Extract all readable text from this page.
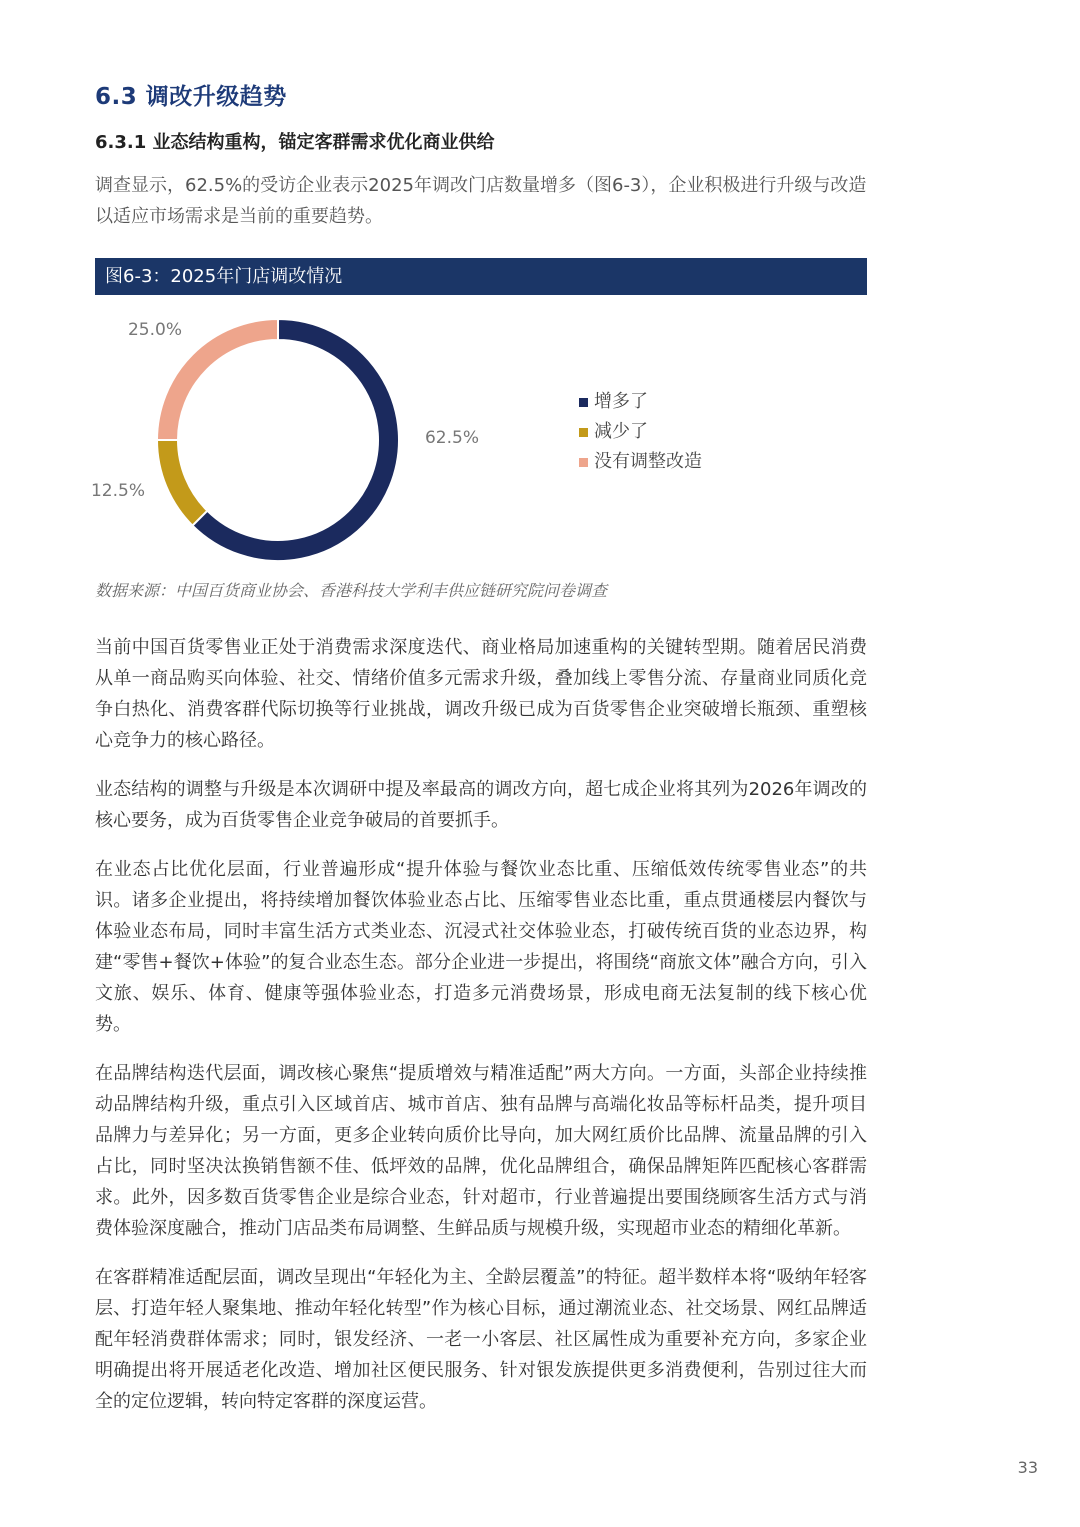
6.3 调改升级趋势
6.3.1 业态结构重构，锚定客群需求优化商业供给

调查显示，62.5%的受访企业表示2025年调改门店数量增多（图6-3），企业积极进行升级与改造以适应市场需求是当前的重要趋势。

图6-3：2025年门店调改情况
62.5%
12.5%
25.0%
增多了
减少了
没有调整改造

数据来源：中国百货商业协会、香港科技大学利丰供应链研究院问卷调查

当前中国百货零售业正处于消费需求深度迭代、商业格局加速重构的关键转型期。随着居民消费从单一商品购买向体验、社交、情绪价值多元需求升级，叠加线上零售分流、存量商业同质化竞争白热化、消费客群代际切换等行业挑战，调改升级已成为百货零售企业突破增长瓶颈、重塑核心竞争力的核心路径。

业态结构的调整与升级是本次调研中提及率最高的调改方向，超七成企业将其列为2026年调改的核心要务，成为百货零售企业竞争破局的首要抓手。

在业态占比优化层面，行业普遍形成“提升体验与餐饮业态比重、压缩低效传统零售业态”的共识。诸多企业提出，将持续增加餐饮体验业态占比、压缩零售业态比重，重点贯通楼层内餐饮与体验业态布局，同时丰富生活方式类业态、沉浸式社交体验业态，打破传统百货的业态边界，构建“零售+餐饮+体验”的复合业态生态。部分企业进一步提出，将围绕“商旅文体”融合方向，引入文旅、娱乐、体育、健康等强体验业态，打造多元消费场景，形成电商无法复制的线下核心优势。

在品牌结构迭代层面，调改核心聚焦“提质增效与精准适配”两大方向。一方面，头部企业持续推动品牌结构升级，重点引入区域首店、城市首店、独有品牌与高端化妆品等标杆品类，提升项目品牌力与差异化；另一方面，更多企业转向质价比导向，加大网红质价比品牌、流量品牌的引入占比，同时坚决汰换销售额不佳、低坪效的品牌，优化品牌组合，确保品牌矩阵匹配核心客群需求。此外，因多数百货零售企业是综合业态，针对超市，行业普遍提出要围绕顾客生活方式与消费体验深度融合，推动门店品类布局调整、生鲜品质与规模升级，实现超市业态的精细化革新。

在客群精准适配层面，调改呈现出“年轻化为主、全龄层覆盖”的特征。超半数样本将“吸纳年轻客层、打造年轻人聚集地、推动年轻化转型”作为核心目标，通过潮流业态、社交场景、网红品牌适配年轻消费群体需求；同时，银发经济、一老一小客层、社区属性成为重要补充方向，多家企业明确提出将开展适老化改造、增加社区便民服务、针对银发族提供更多消费便利，告别过往大而全的定位逻辑，转向特定客群的深度运营。

33
